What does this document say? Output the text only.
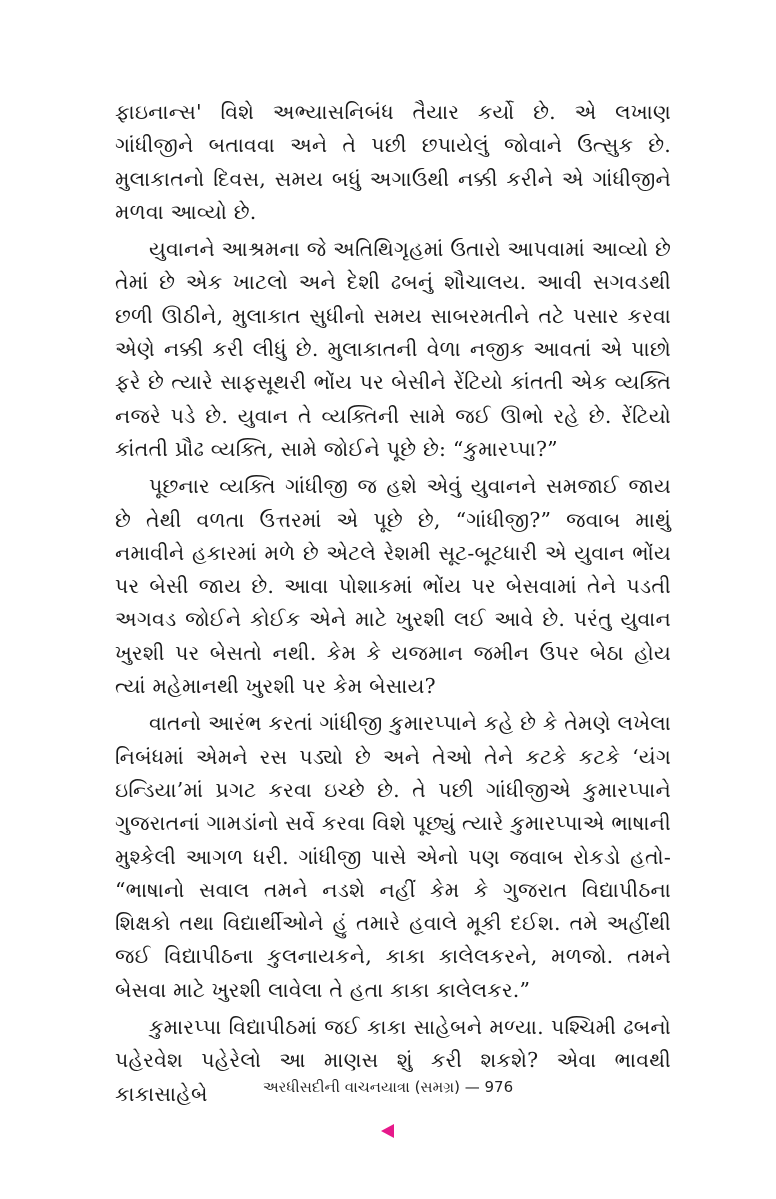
ફાઇનાન્સ' વિશે અભ્યાસનિબંધ તૈયાર કર્યો છે. એ લખાણ ગાંધીજીને બતાવવા અને તે પછી છપાયેલું જોવાને ઉત્સુક છે. મુલાકાતનો દિવસ, સમય બધું અગાઉથી નક્કી કરીને એ ગાંધીજીને મળવા આવ્યો છે.

યુવાનને આશ્રમના જે અતિથિગૃહમાં ઉતારો આપવામાં આવ્યો છે તેમાં છે એક ખાટલો અને દેશી ઢબનું શૌચાલય. આવી સગવડથી છળી ઊઠીને, મુલાકાત સુધીનો સમય સાબરમતીને તટે પસાર કરવા એણે નક્કી કરી લીધું છે. મુલાકાતની વેળા નજીક આવતાં એ પાછો ફરે છે ત્યારે સાફસૂથરી ભોંય પર બેસીને રેંટિયો કાંતતી એક વ્યક્તિ નજરે પડે છે. યુવાન તે વ્યક્તિની સામે જઈ ઊભો રહે છે. રેંટિયો કાંતતી પ્રૌઢ વ્યક્તિ, સામે જોઈને પૂછે છે: “કુમારપ્પા?”

પૂછનાર વ્યક્તિ ગાંધીજી જ હશે એવું યુવાનને સમજાઈ જાય છે તેથી વળતા ઉત્તરમાં એ પૂછે છે, “ગાંધીજી?” જવાબ માથું નમાવીને હકારમાં મળે છે એટલે રેશમી સૂટ-બૂટધારી એ યુવાન ભોંય પર બેસી જાય છે. આવા પોશાકમાં ભોંય પર બેસવામાં તેને પડતી અગવડ જોઈને કોઈક એને માટે ખુરશી લઈ આવે છે. પરંતુ યુવાન ખુરશી પર બેસતો નથી. કેમ કે યજમાન જમીન ઉપર બેઠા હોય ત્યાં મહેમાનથી ખુરશી પર કેમ બેસાય?

વાતનો આરંભ કરતાં ગાંધીજી કુમારપ્પાને કહે છે કે તેમણે લખેલા નિબંધમાં એમને રસ પડ્યો છે અને તેઓ તેને કટકે કટકે ‘યંગ ઇન્ડિયા’માં પ્રગટ કરવા ઇચ્છે છે. તે પછી ગાંધીજીએ કુમારપ્પાને ગુજરાતનાં ગામડાંનો સર્વે કરવા વિશે પૂછ્યું ત્યારે કુમારપ્પાએ ભાષાની મુશ્કેલી આગળ ધરી. ગાંધીજી પાસે એનો પણ જવાબ રોકડો હતો- “ભાષાનો સવાલ તમને નડશે નહીં કેમ કે ગુજરાત વિદ્યાપીઠના શિક્ષકો તથા વિદ્યાર્થીઓને હું તમારે હવાલે મૂકી દઈશ. તમે અહીંથી જઈ વિદ્યાપીઠના કુલનાયકને, કાકા કાલેલકરને, મળજો. તમને બેસવા માટે ખુરશી લાવેલા તે હતા કાકા કાલેલકર.”

કુમારપ્પા વિદ્યાપીઠમાં જઈ કાકા સાહેબને મળ્યા. પશ્ચિમી ઢબનો પહેરવેશ પહેરેલો આ માણસ શું કરી શકશે? એવા ભાવથી કાકાસાહેબે	અરધીસદીની વાચનયાત્રા (સમગ્ર) — 976
